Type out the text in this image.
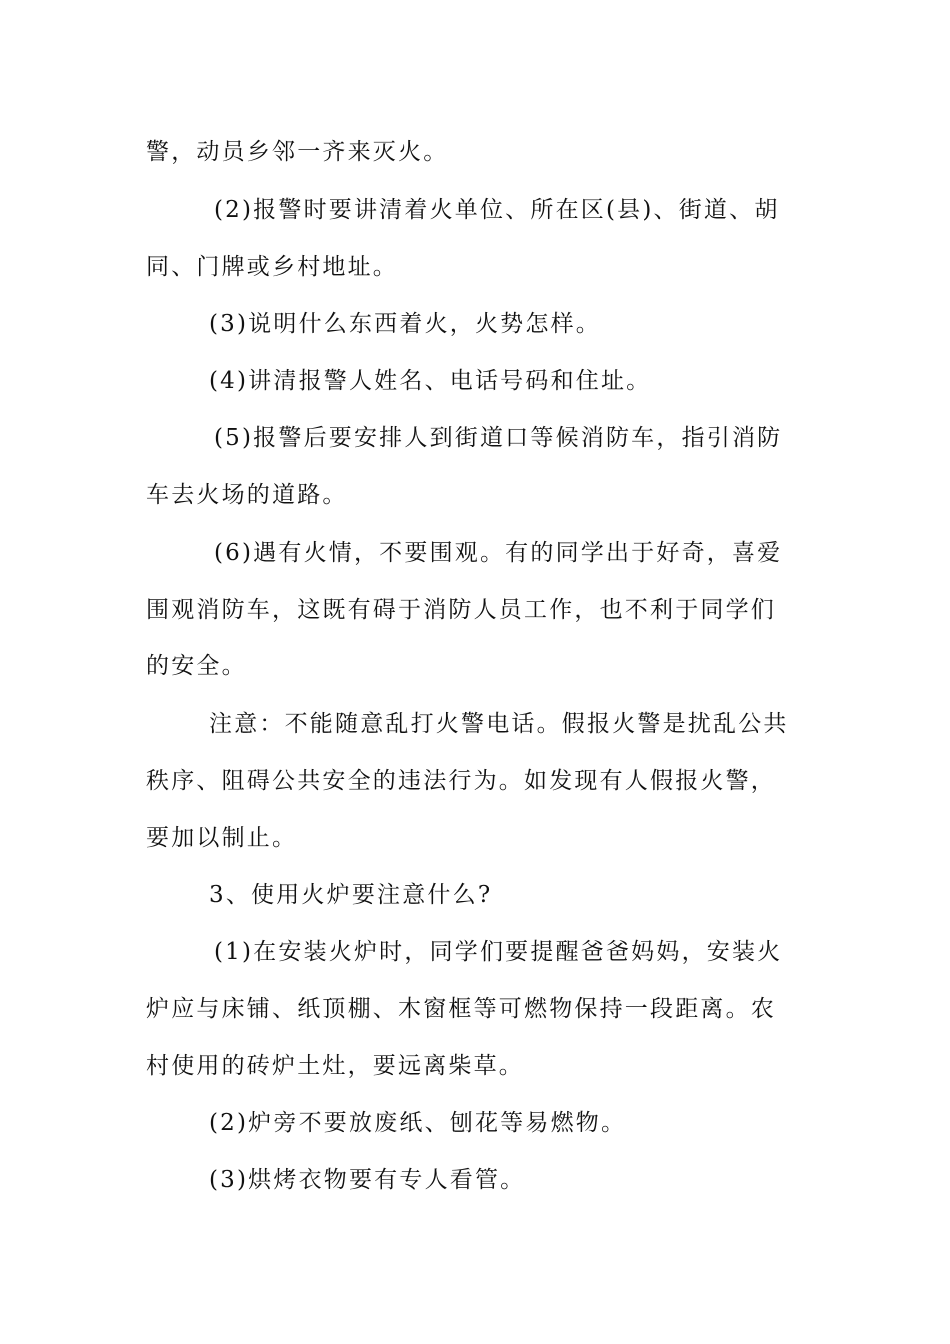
警，动员乡邻一齐来灭火。
(2)报警时要讲清着火单位、所在区(县)、街道、胡
同、门牌或乡村地址。
(3)说明什么东西着火，火势怎样。
(4)讲清报警人姓名、电话号码和住址。
(5)报警后要安排人到街道口等候消防车，指引消防
车去火场的道路。
(6)遇有火情，不要围观。有的同学出于好奇，喜爱
围观消防车，这既有碍于消防人员工作，也不利于同学们
的安全。
注意：不能随意乱打火警电话。假报火警是扰乱公共
秩序、阻碍公共安全的违法行为。如发现有人假报火警，
要加以制止。
3、使用火炉要注意什么?
(1)在安装火炉时，同学们要提醒爸爸妈妈，安装火
炉应与床铺、纸顶棚、木窗框等可燃物保持一段距离。农
村使用的砖炉土灶，要远离柴草。
(2)炉旁不要放废纸、刨花等易燃物。
(3)烘烤衣物要有专人看管。
